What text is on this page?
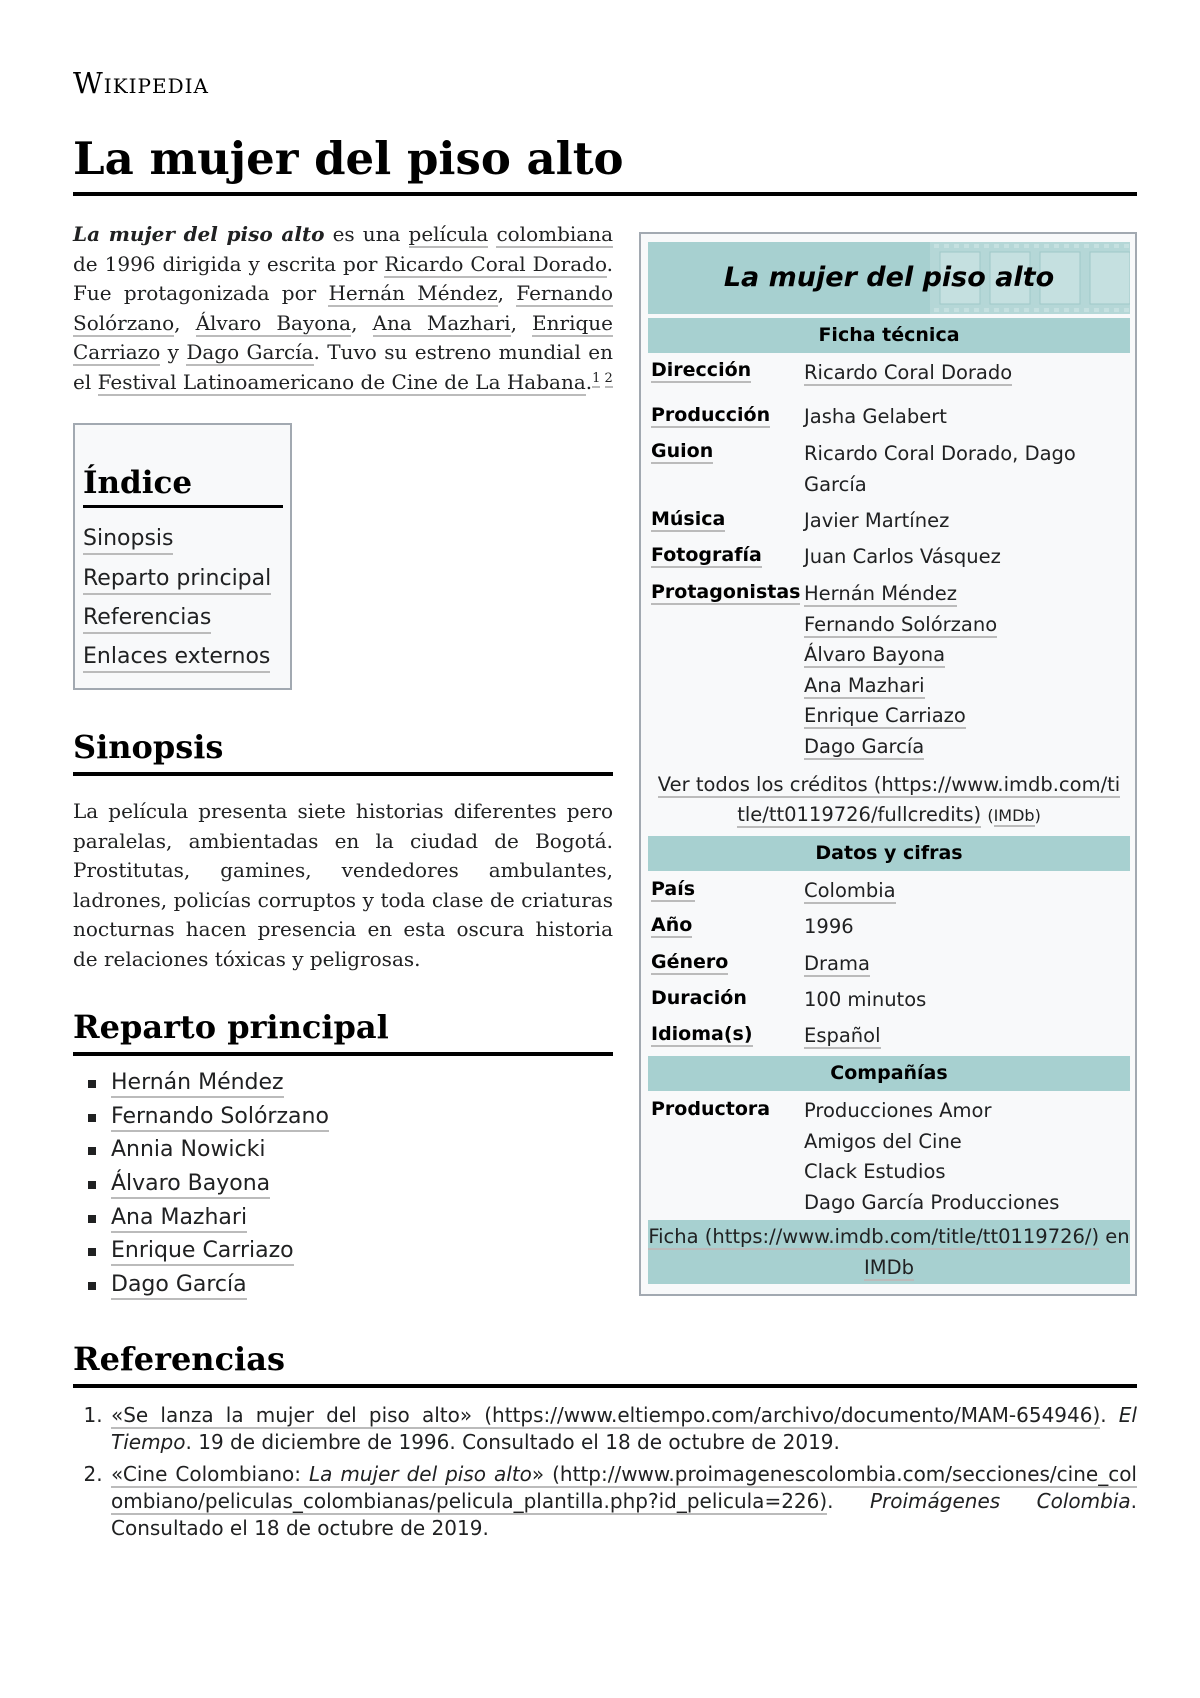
Wikipedia
La mujer del piso alto
La mujer del piso alto es una película colombiana de 1996 dirigida y escrita por Ricardo Coral Dorado. Fue protagonizada por Hernán Méndez, Fernando Solórzano, Álvaro Bayona, Ana Mazhari, Enrique Carriazo y Dago García. Tuvo su estreno mundial en el Festival Latinoamericano de Cine de La Habana.$^{1 2}$
Índice
Sinopsis
Reparto principal
Referencias
Enlaces externos
Sinopsis
La película presenta siete historias diferentes pero paralelas, ambientadas en la ciudad de Bogotá. Prostitutas, gamines, vendedores ambulantes, ladrones, policías corruptos y toda clase de criaturas nocturnas hacen presencia en esta oscura historia de relaciones tóxicas y peligrosas.
Reparto principal
Hernán Méndez
Fernando Solórzano
Annia Nowicki
Álvaro Bayona
Ana Mazhari
Enrique Carriazo
Dago García
La mujer del piso alto
Ficha técnica
Dirección	Ricardo Coral Dorado
Producción Jasha Gelabert
Guion	Ricardo Coral Dorado, Dago García
Música	Javier Martínez
Fotografía Juan Carlos Vásquez
Protagonistas Hernán Méndez
Fernando Solórzano
Álvaro Bayona
Ana Mazhari
Enrique Carriazo
Dago García
Ver todos los créditos (https://www.imdb.com/title/tt0119726/fullcredits) (IMDb)
Datos y cifras
País	Colombia
Año	1996
Género	Drama
Duración	100 minutos
Idioma(s)	Español
Compañías
Productora Producciones Amor
Amigos del Cine
Clack Estudios
Dago García Producciones
Ficha (https://www.imdb.com/title/tt0119726/) en IMDb
Referencias
1. «Se lanza la mujer del piso alto» (https://www.eltiempo.com/archivo/documento/MAM-654946). El Tiempo. 19 de diciembre de 1996. Consultado el 18 de octubre de 2019.
2. «Cine Colombiano: La mujer del piso alto» (http://www.proimagenescolombia.com/secciones/cine_colombiano/peliculas_colombianas/pelicula_plantilla.php?id_pelicula=226). Proimágenes Colombia. Consultado el 18 de octubre de 2019.
